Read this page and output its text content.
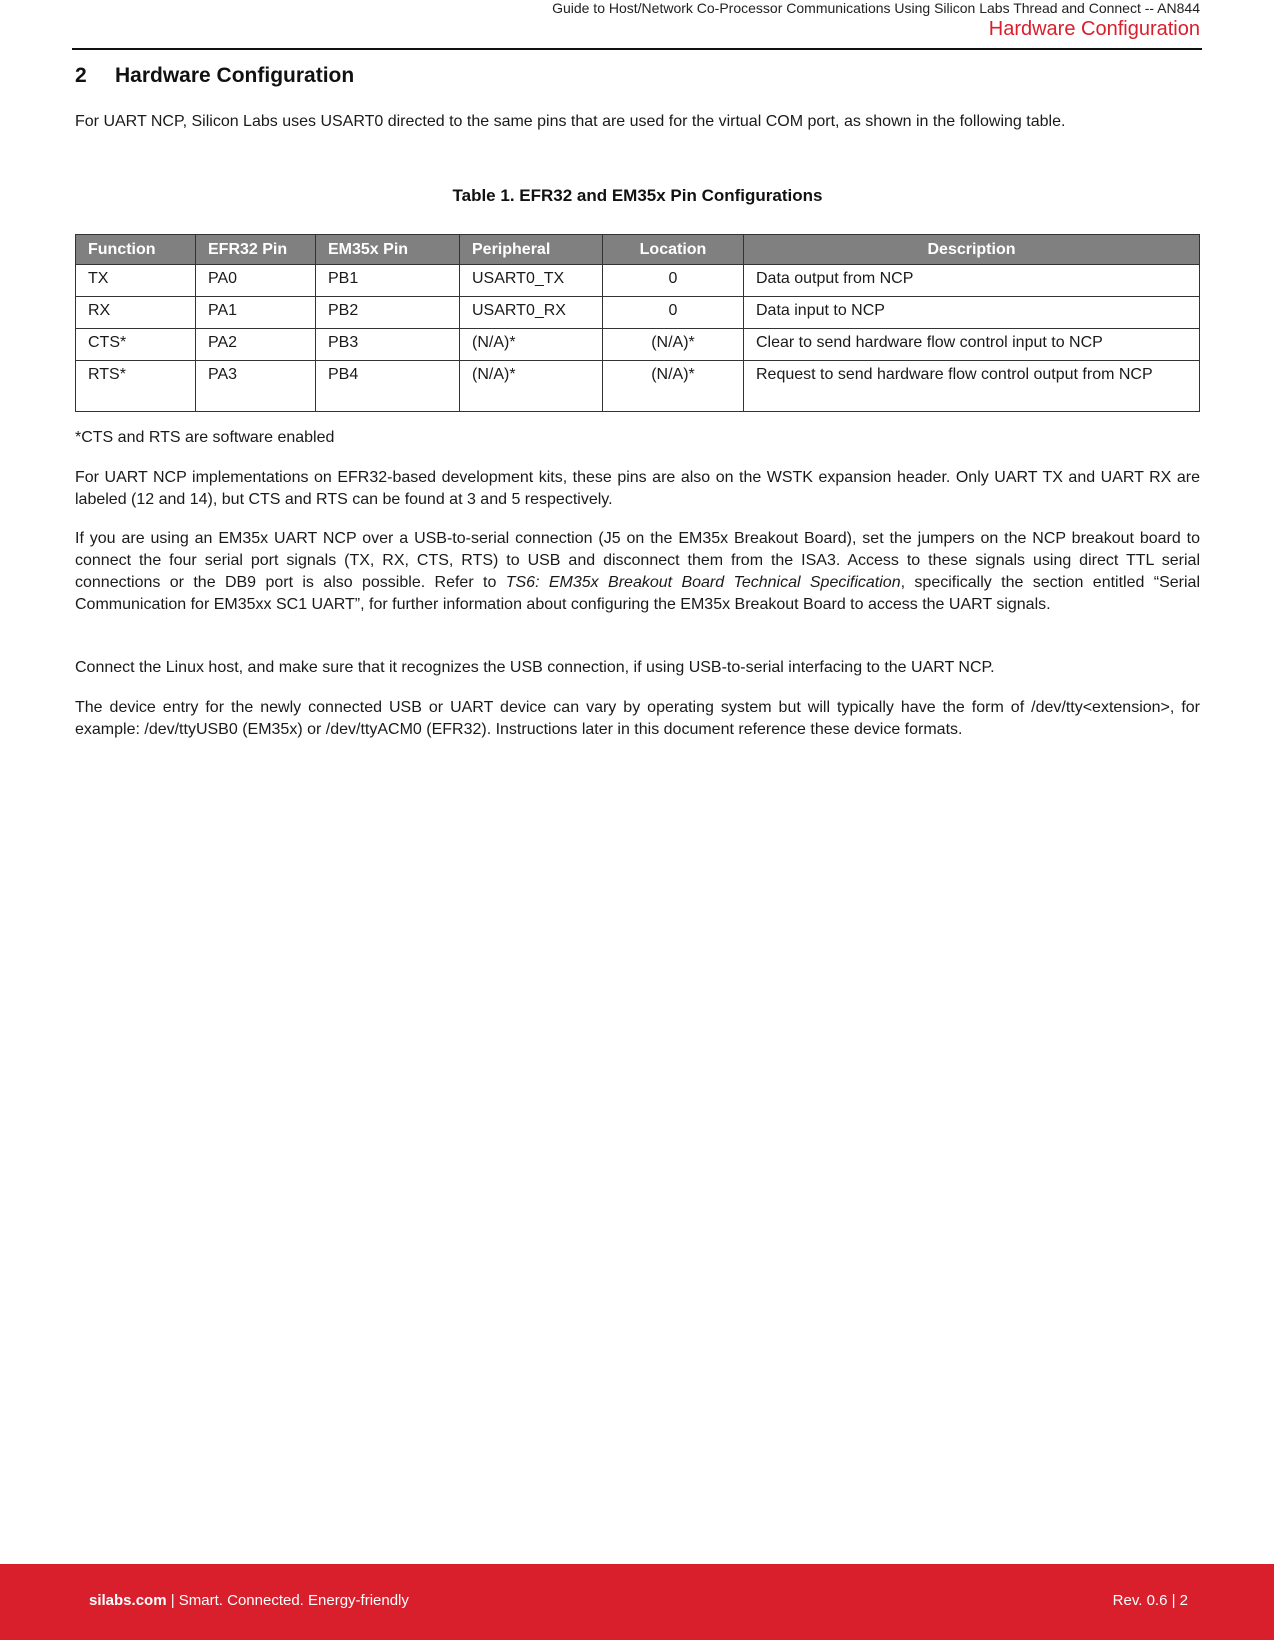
Guide to Host/Network Co-Processor Communications Using Silicon Labs Thread and Connect -- AN844
Hardware Configuration
2 Hardware Configuration
For UART NCP, Silicon Labs uses USART0 directed to the same pins that are used for the virtual COM port, as shown in the following table.
Table 1. EFR32 and EM35x Pin Configurations
Function	EFR32 Pin	EM35x Pin	Peripheral	Location	Description
TX	PA0	PB1	USART0_TX	0	Data output from NCP
RX	PA1	PB2	USART0_RX	0	Data input to NCP
CTS*	PA2	PB3	(N/A)*	(N/A)*	Clear to send hardware flow control input to NCP
RTS*	PA3	PB4	(N/A)*	(N/A)*	Request to send hardware flow control output from NCP
*CTS and RTS are software enabled
For UART NCP implementations on EFR32-based development kits, these pins are also on the WSTK expansion header. Only UART TX and UART RX are labeled (12 and 14), but CTS and RTS can be found at 3 and 5 respectively.
If you are using an EM35x UART NCP over a USB-to-serial connection (J5 on the EM35x Breakout Board), set the jumpers on the NCP breakout board to connect the four serial port signals (TX, RX, CTS, RTS) to USB and disconnect them from the ISA3. Access to these signals using direct TTL serial connections or the DB9 port is also possible. Refer to TS6: EM35x Breakout Board Technical Specification, specifically the section entitled “Serial Communication for EM35xx SC1 UART”, for further information about configuring the EM35x Breakout Board to access the UART signals.
Connect the Linux host, and make sure that it recognizes the USB connection, if using USB-to-serial interfacing to the UART NCP.
The device entry for the newly connected USB or UART device can vary by operating system but will typically have the form of /dev/tty<extension>, for example: /dev/ttyUSB0 (EM35x) or /dev/ttyACM0 (EFR32). Instructions later in this document reference these device formats.
silabs.com | Smart. Connected. Energy-friendly	Rev. 0.6 | 2
